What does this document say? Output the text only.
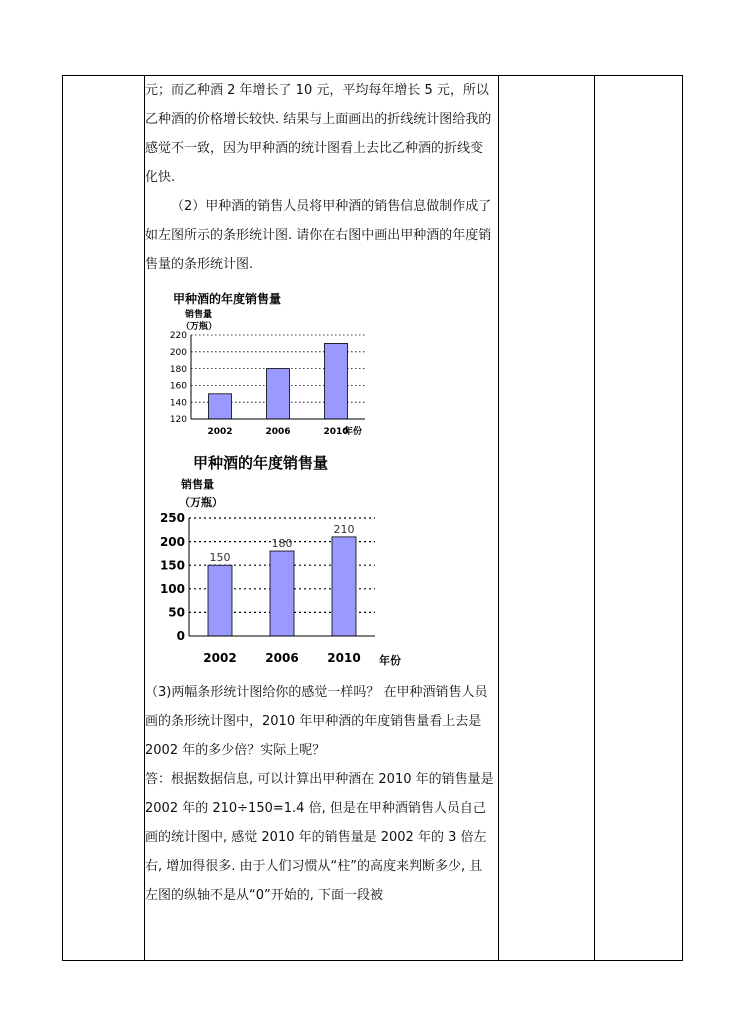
元；而乙种酒 2 年增长了 10 元，平均每年增长 5 元，所以乙种酒的价格增长较快. 结果与上面画出的折线统计图给我的感觉不一致，因为甲种酒的统计图看上去比乙种酒的折线变化快.

（2）甲种酒的销售人员将甲种酒的销售信息做制作成了如左图所示的条形统计图. 请你在右图中画出甲种酒的年度销售量的条形统计图.

甲种酒的年度销售量
销售量
（万瓶）
120
140
160
180
200
220
2002	2006	2010
年份
甲种酒的年度销售量
销售量
（万瓶）
0
50
100
150
200
250
150
180
210
2002 2006 2010 年份

（3)两幅条形统计图给你的感觉一样吗？ 在甲种酒销售人员画的条形统计图中，2010 年甲种酒的年度销售量看上去是 2002 年的多少倍？实际上呢？

答：根据数据信息, 可以计算出甲种酒在 2010 年的销售量是 2002 年的 210÷150=1.4 倍, 但是在甲种酒销售人员自己画的统计图中, 感觉 2010 年的销售量是 2002 年的 3 倍左右, 增加得很多. 由于人们习惯从“柱”的高度来判断多少, 且左图的纵轴不是从“0”开始的, 下面一段被
